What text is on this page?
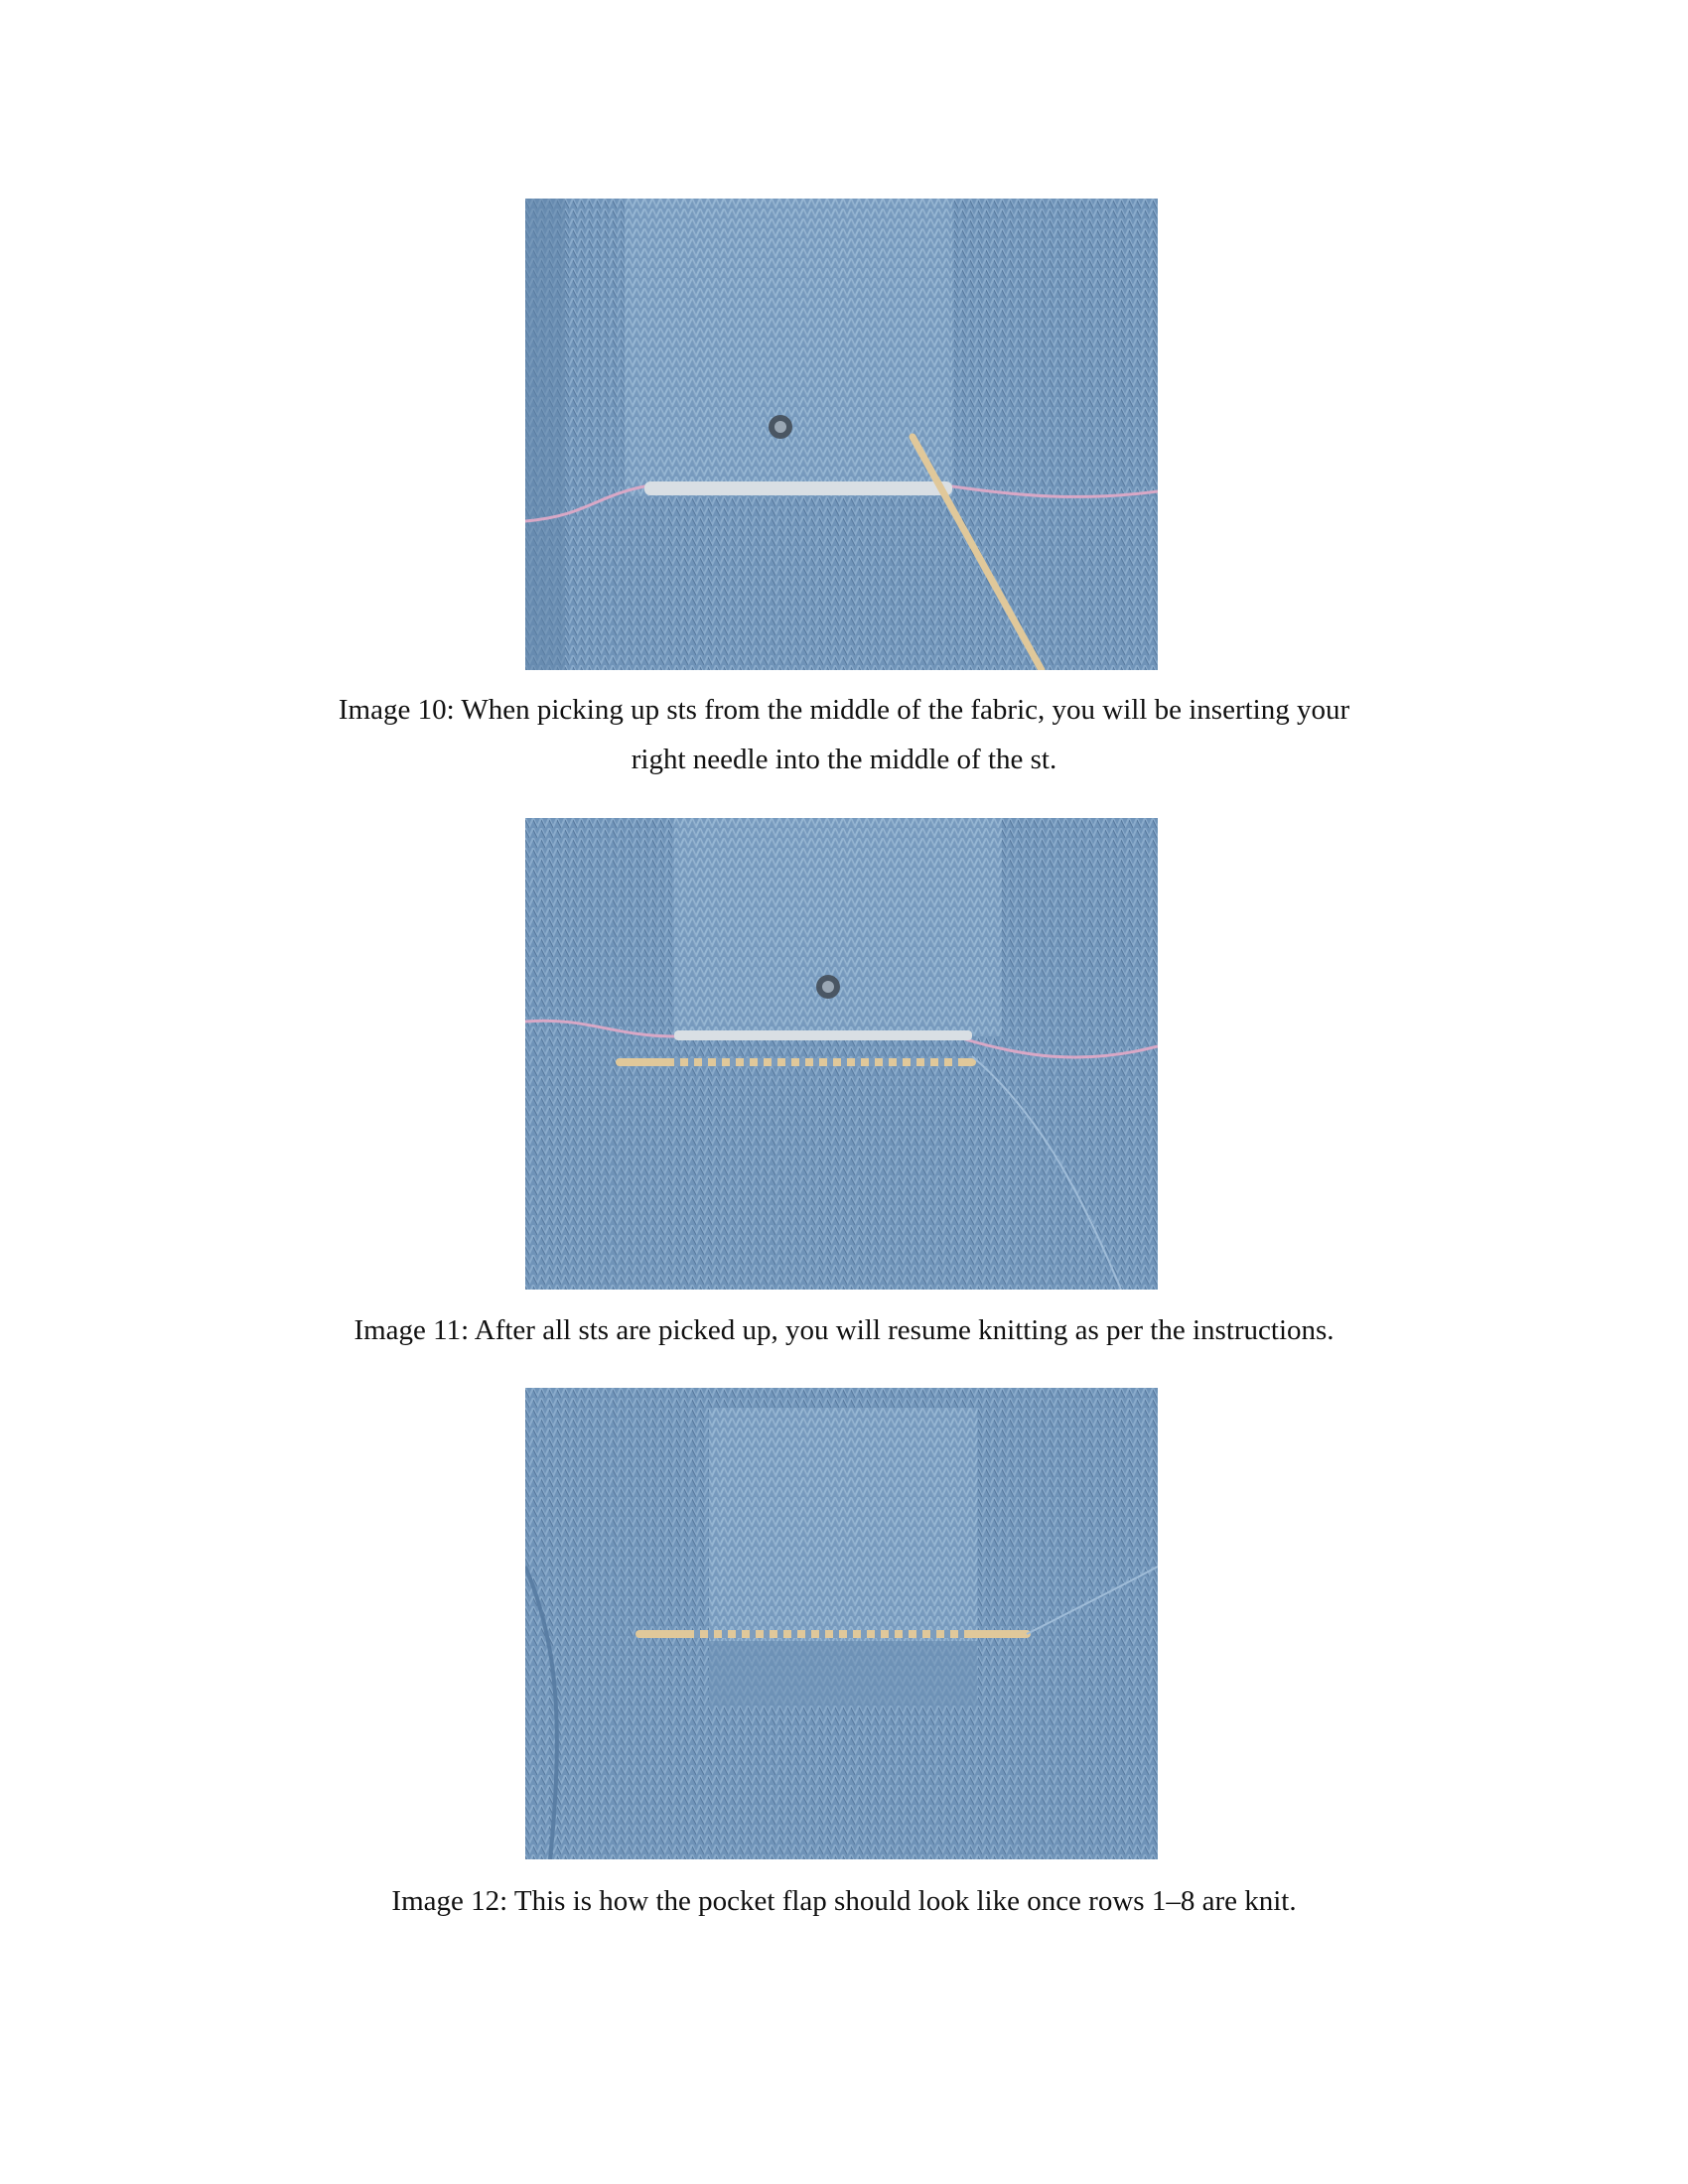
Image 10: When picking up sts from the middle of the fabric, you will be inserting your
right needle into the middle of the st.
Image 11: After all sts are picked up, you will resume knitting as per the instructions.
Image 12: This is how the pocket flap should look like once rows 1–8 are knit.
